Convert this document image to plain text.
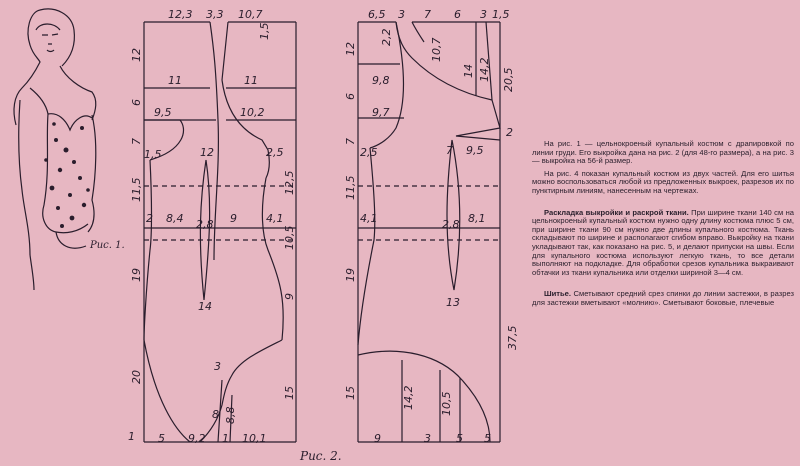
12,3 3,3 10,7
12
6
7
11,5
19
20
1
1,5
12,5
10,5
9
15
11	11
9,5	10,2
1,5	12	2,5
2 8,4 2,8 9	4,1
14
3
8 8,8
5 9,2 1 10,1
6,5 3 7 6 3 1,5
12
6
7
11,5
19
15
20,5
2
37,5
2,2
10,7
14 14,2
9,8
9,7
2,5	7 9,5
4,1	2,8 8,1
13
14,2 10,5
9	3 5 5
Рис. 1.
Рис. 2.

На рис. 1 — цельнокроеный купальный костюм с драпировкой по линии груди. Его выкройка дана на рис. 2 (для 48-го размера), а на рис. 3 — выкройка на 56-й размер.

На рис. 4 показан купальный костюм из двух частей. Для его шитья можно воспользоваться любой из предложенных выкроек, разрезов их по пунктирным линиям, нанесенным на чертежах.

Раскладка выкройки и раскрой ткани. При ширине ткани 140 см на цельнокроеный купальный костюм нужно одну длину костюма плюс 5 см, при ширине ткани 90 см нужно две длины купального костюма. Ткань складывают по ширине и располагают сгибом вправо. Выкройку на ткани укладывают так, как показано на рис. 5, и делают припуски на швы. Если для купального костюма используют легкую ткань, то все детали выполняют на подкладке. Для обработки срезов купальника выкраивают обтачки из ткани купальника или отделки шириной 3—4 см.

Шитье. Сметывают средний срез спинки до линии застежки, в разрез для застежки вметывают «молнию». Сметывают боковые, плечевые
